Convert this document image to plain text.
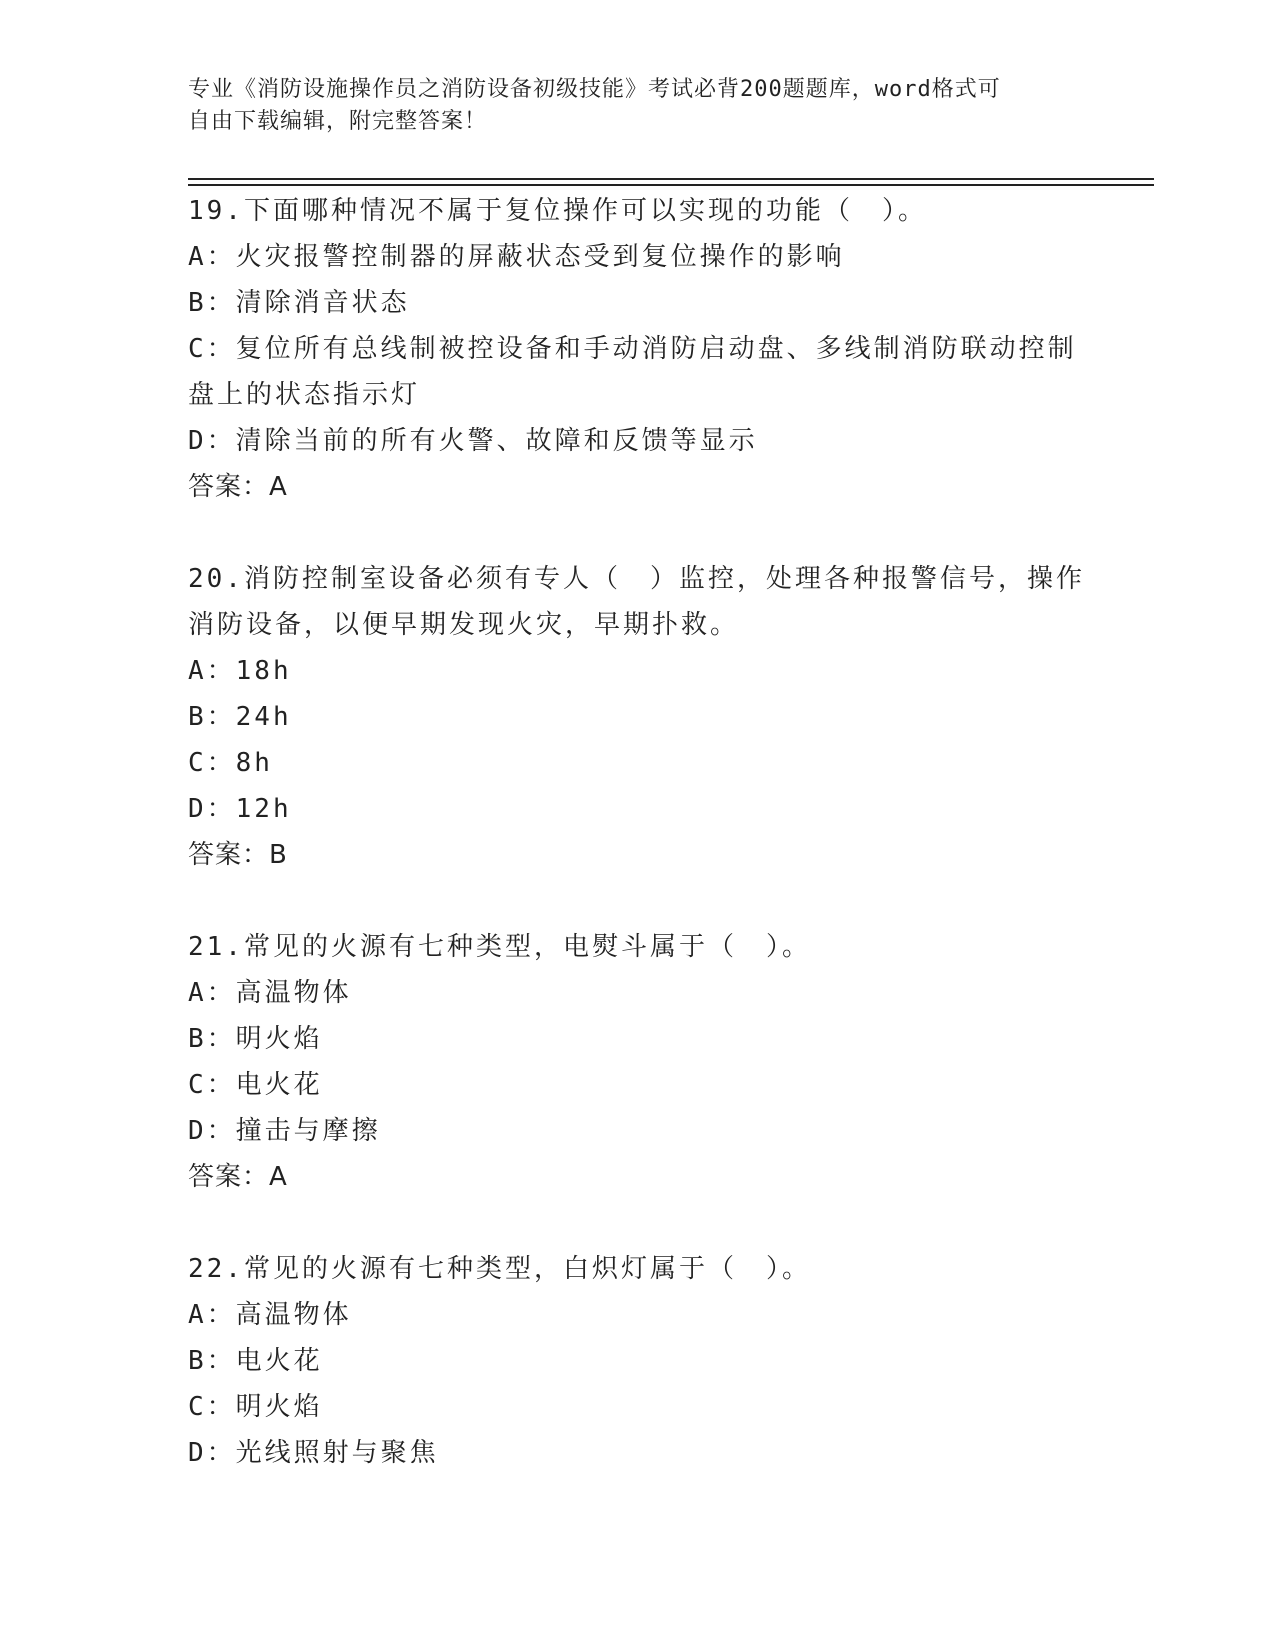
专业《消防设施操作员之消防设备初级技能》考试必背200题题库，word格式可
自由下载编辑，附完整答案！
19.下面哪种情况不属于复位操作可以实现的功能（　）。
A：火灾报警控制器的屏蔽状态受到复位操作的影响
B：清除消音状态
C：复位所有总线制被控设备和手动消防启动盘、多线制消防联动控制
盘上的状态指示灯
D：清除当前的所有火警、故障和反馈等显示
答案：A
20.消防控制室设备必须有专人（　）监控，处理各种报警信号，操作
消防设备，以便早期发现火灾，早期扑救。
A：18h
B：24h
C：8h
D：12h
答案：B
21.常见的火源有七种类型，电熨斗属于（　）。
A：高温物体
B：明火焰
C：电火花
D：撞击与摩擦
答案：A
22.常见的火源有七种类型，白炽灯属于（　）。
A：高温物体
B：电火花
C：明火焰
D：光线照射与聚焦
